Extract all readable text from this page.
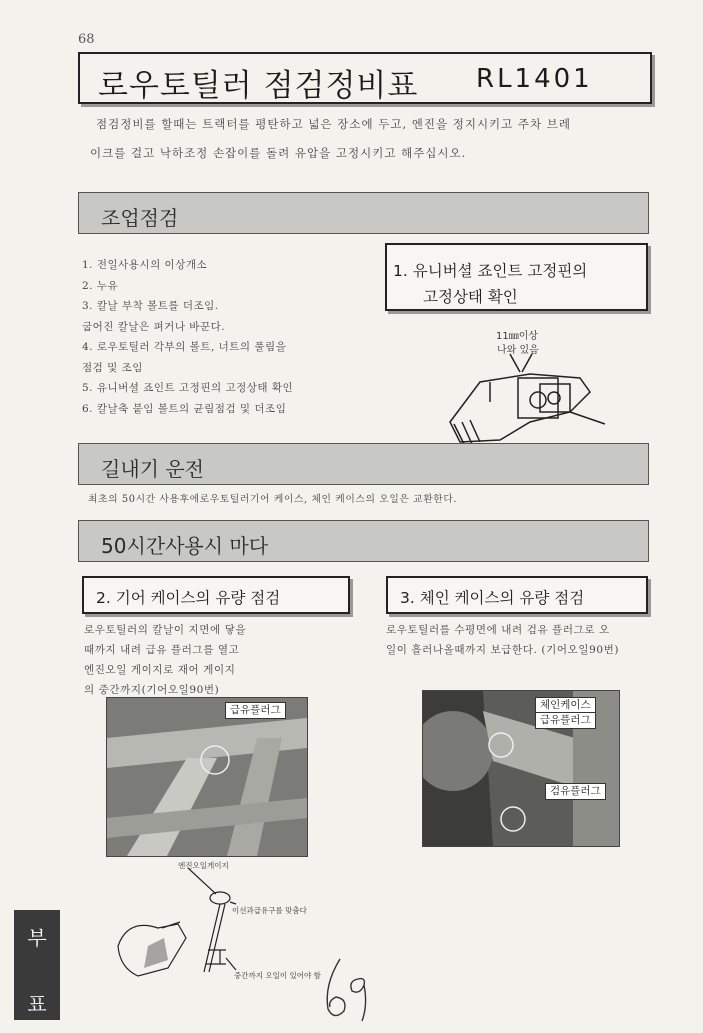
68
로우토틸러 점검정비표 RL1401
점검정비를 할때는 트랙터를 평탄하고 넓은 장소에 두고, 엔진을 정지시키고 주차 브레
이크를 걸고 낙하조정 손잡이를 돌려 유압을 고정시키고 해주십시오.
조업점검
1. 전일사용시의 이상개소
2. 누유
3. 칼날 부착 볼트를 더조임.
굽어진 칼날은 펴거나 바꾼다.
4. 로우토틸러 각부의 볼트, 너트의 풀림을
점검 및 조임
5. 유니버셜 죠인트 고정핀의 고정상태 확인
6. 칼날축 붙임 볼트의 균림점검 및 더조임
1. 유니버셜 죠인트 고정핀의
고정상태 확인
11㎜이상
나와 있음
길내기 운전
최초의 50시간 사용후에로우토틸러기어 케이스, 체인 케이스의 오일은 교환한다.
50시간사용시 마다
2. 기어 케이스의 유량 점검	3. 체인 케이스의 유량 점검
로우토틸러의 칼날이 지면에 닿을
때까지 내려 급유 플러그를 열고
엔진오일 게이지로 재어 게이지
의 중간까지(기어오일90번)
로우토틸러를 수평면에 내려 검유 플러그로 오
일이 흘러나올때까지 보급한다. (기어오일90번)
급유플러그	체인케이스
급유플러그
검유플러그
엔진오일게이지
이선과급유구를 맞춤다
중간까지 오일이 있어야 함
부
표
